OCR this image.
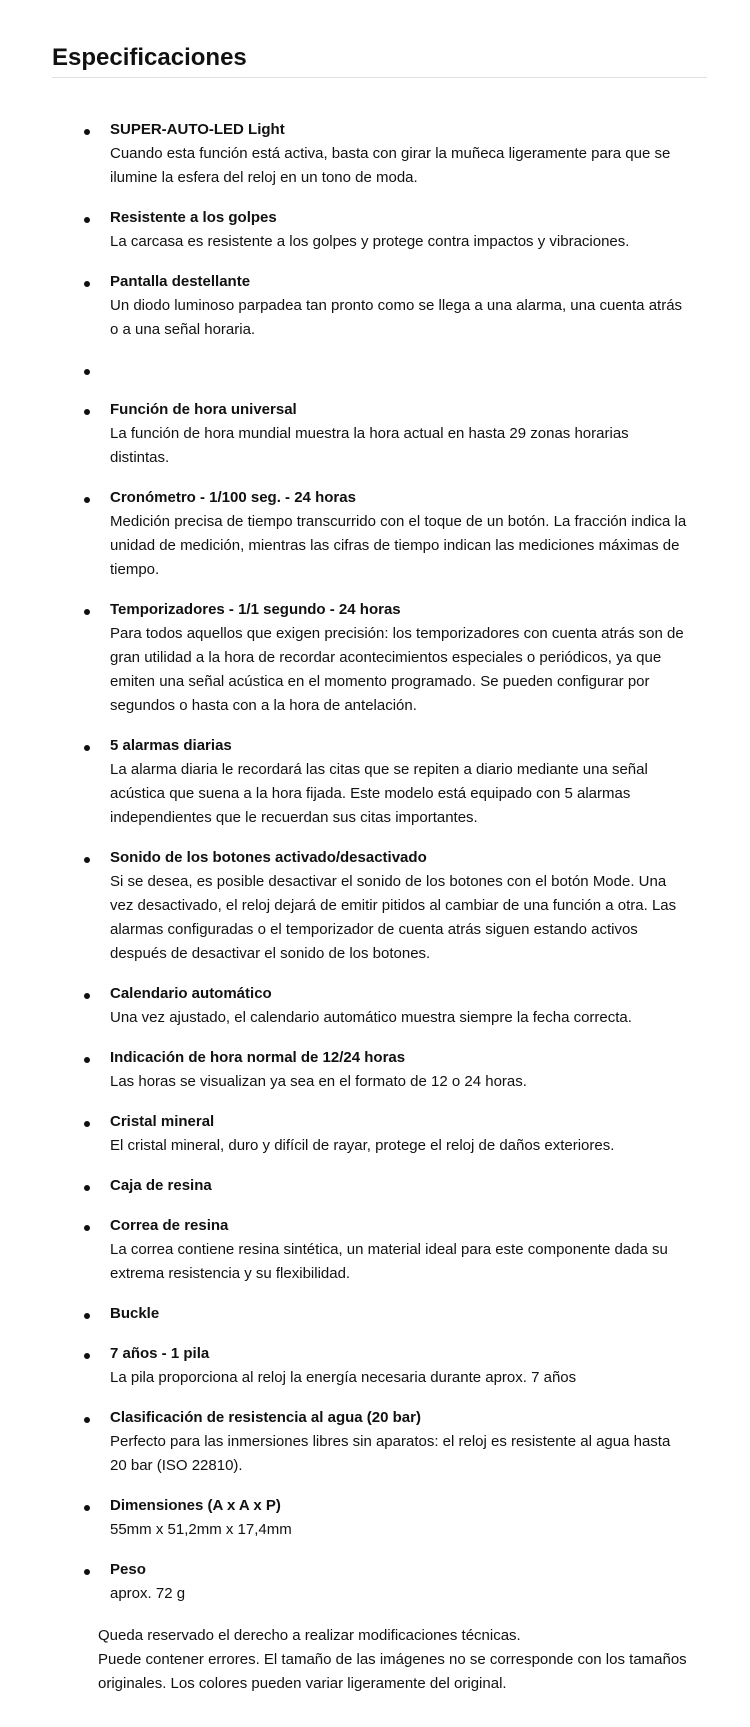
Especificaciones
SUPER-AUTO-LED Light
Cuando esta función está activa, basta con girar la muñeca ligeramente para que se ilumine la esfera del reloj en un tono de moda.
Resistente a los golpes
La carcasa es resistente a los golpes y protege contra impactos y vibraciones.
Pantalla destellante
Un diodo luminoso parpadea tan pronto como se llega a una alarma, una cuenta atrás o a una señal horaria.
Función de hora universal
La función de hora mundial muestra la hora actual en hasta 29 zonas horarias distintas.
Cronómetro - 1/100 seg. - 24 horas
Medición precisa de tiempo transcurrido con el toque de un botón. La fracción indica la unidad de medición, mientras las cifras de tiempo indican las mediciones máximas de tiempo.
Temporizadores - 1/1 segundo - 24 horas
Para todos aquellos que exigen precisión: los temporizadores con cuenta atrás son de gran utilidad a la hora de recordar acontecimientos especiales o periódicos, ya que emiten una señal acústica en el momento programado. Se pueden configurar por segundos o hasta con a la hora de antelación.
5 alarmas diarias
La alarma diaria le recordará las citas que se repiten a diario mediante una señal acústica que suena a la hora fijada. Este modelo está equipado con 5 alarmas independientes que le recuerdan sus citas importantes.
Sonido de los botones activado/desactivado
Si se desea, es posible desactivar el sonido de los botones con el botón Mode. Una vez desactivado, el reloj dejará de emitir pitidos al cambiar de una función a otra. Las alarmas configuradas o el temporizador de cuenta atrás siguen estando activos después de desactivar el sonido de los botones.
Calendario automático
Una vez ajustado, el calendario automático muestra siempre la fecha correcta.
Indicación de hora normal de 12/24 horas
Las horas se visualizan ya sea en el formato de 12 o 24 horas.
Cristal mineral
El cristal mineral, duro y difícil de rayar, protege el reloj de daños exteriores.
Caja de resina
Correa de resina
La correa contiene resina sintética, un material ideal para este componente dada su extrema resistencia y su flexibilidad.
Buckle
7 años - 1 pila
La pila proporciona al reloj la energía necesaria durante aprox. 7 años
Clasificación de resistencia al agua (20 bar)
Perfecto para las inmersiones libres sin aparatos: el reloj es resistente al agua hasta 20 bar (ISO 22810).
Dimensiones (A x A x P)
55mm x 51,2mm x 17,4mm
Peso
aprox. 72 g
Queda reservado el derecho a realizar modificaciones técnicas.
Puede contener errores. El tamaño de las imágenes no se corresponde con los tamaños originales. Los colores pueden variar ligeramente del original.
